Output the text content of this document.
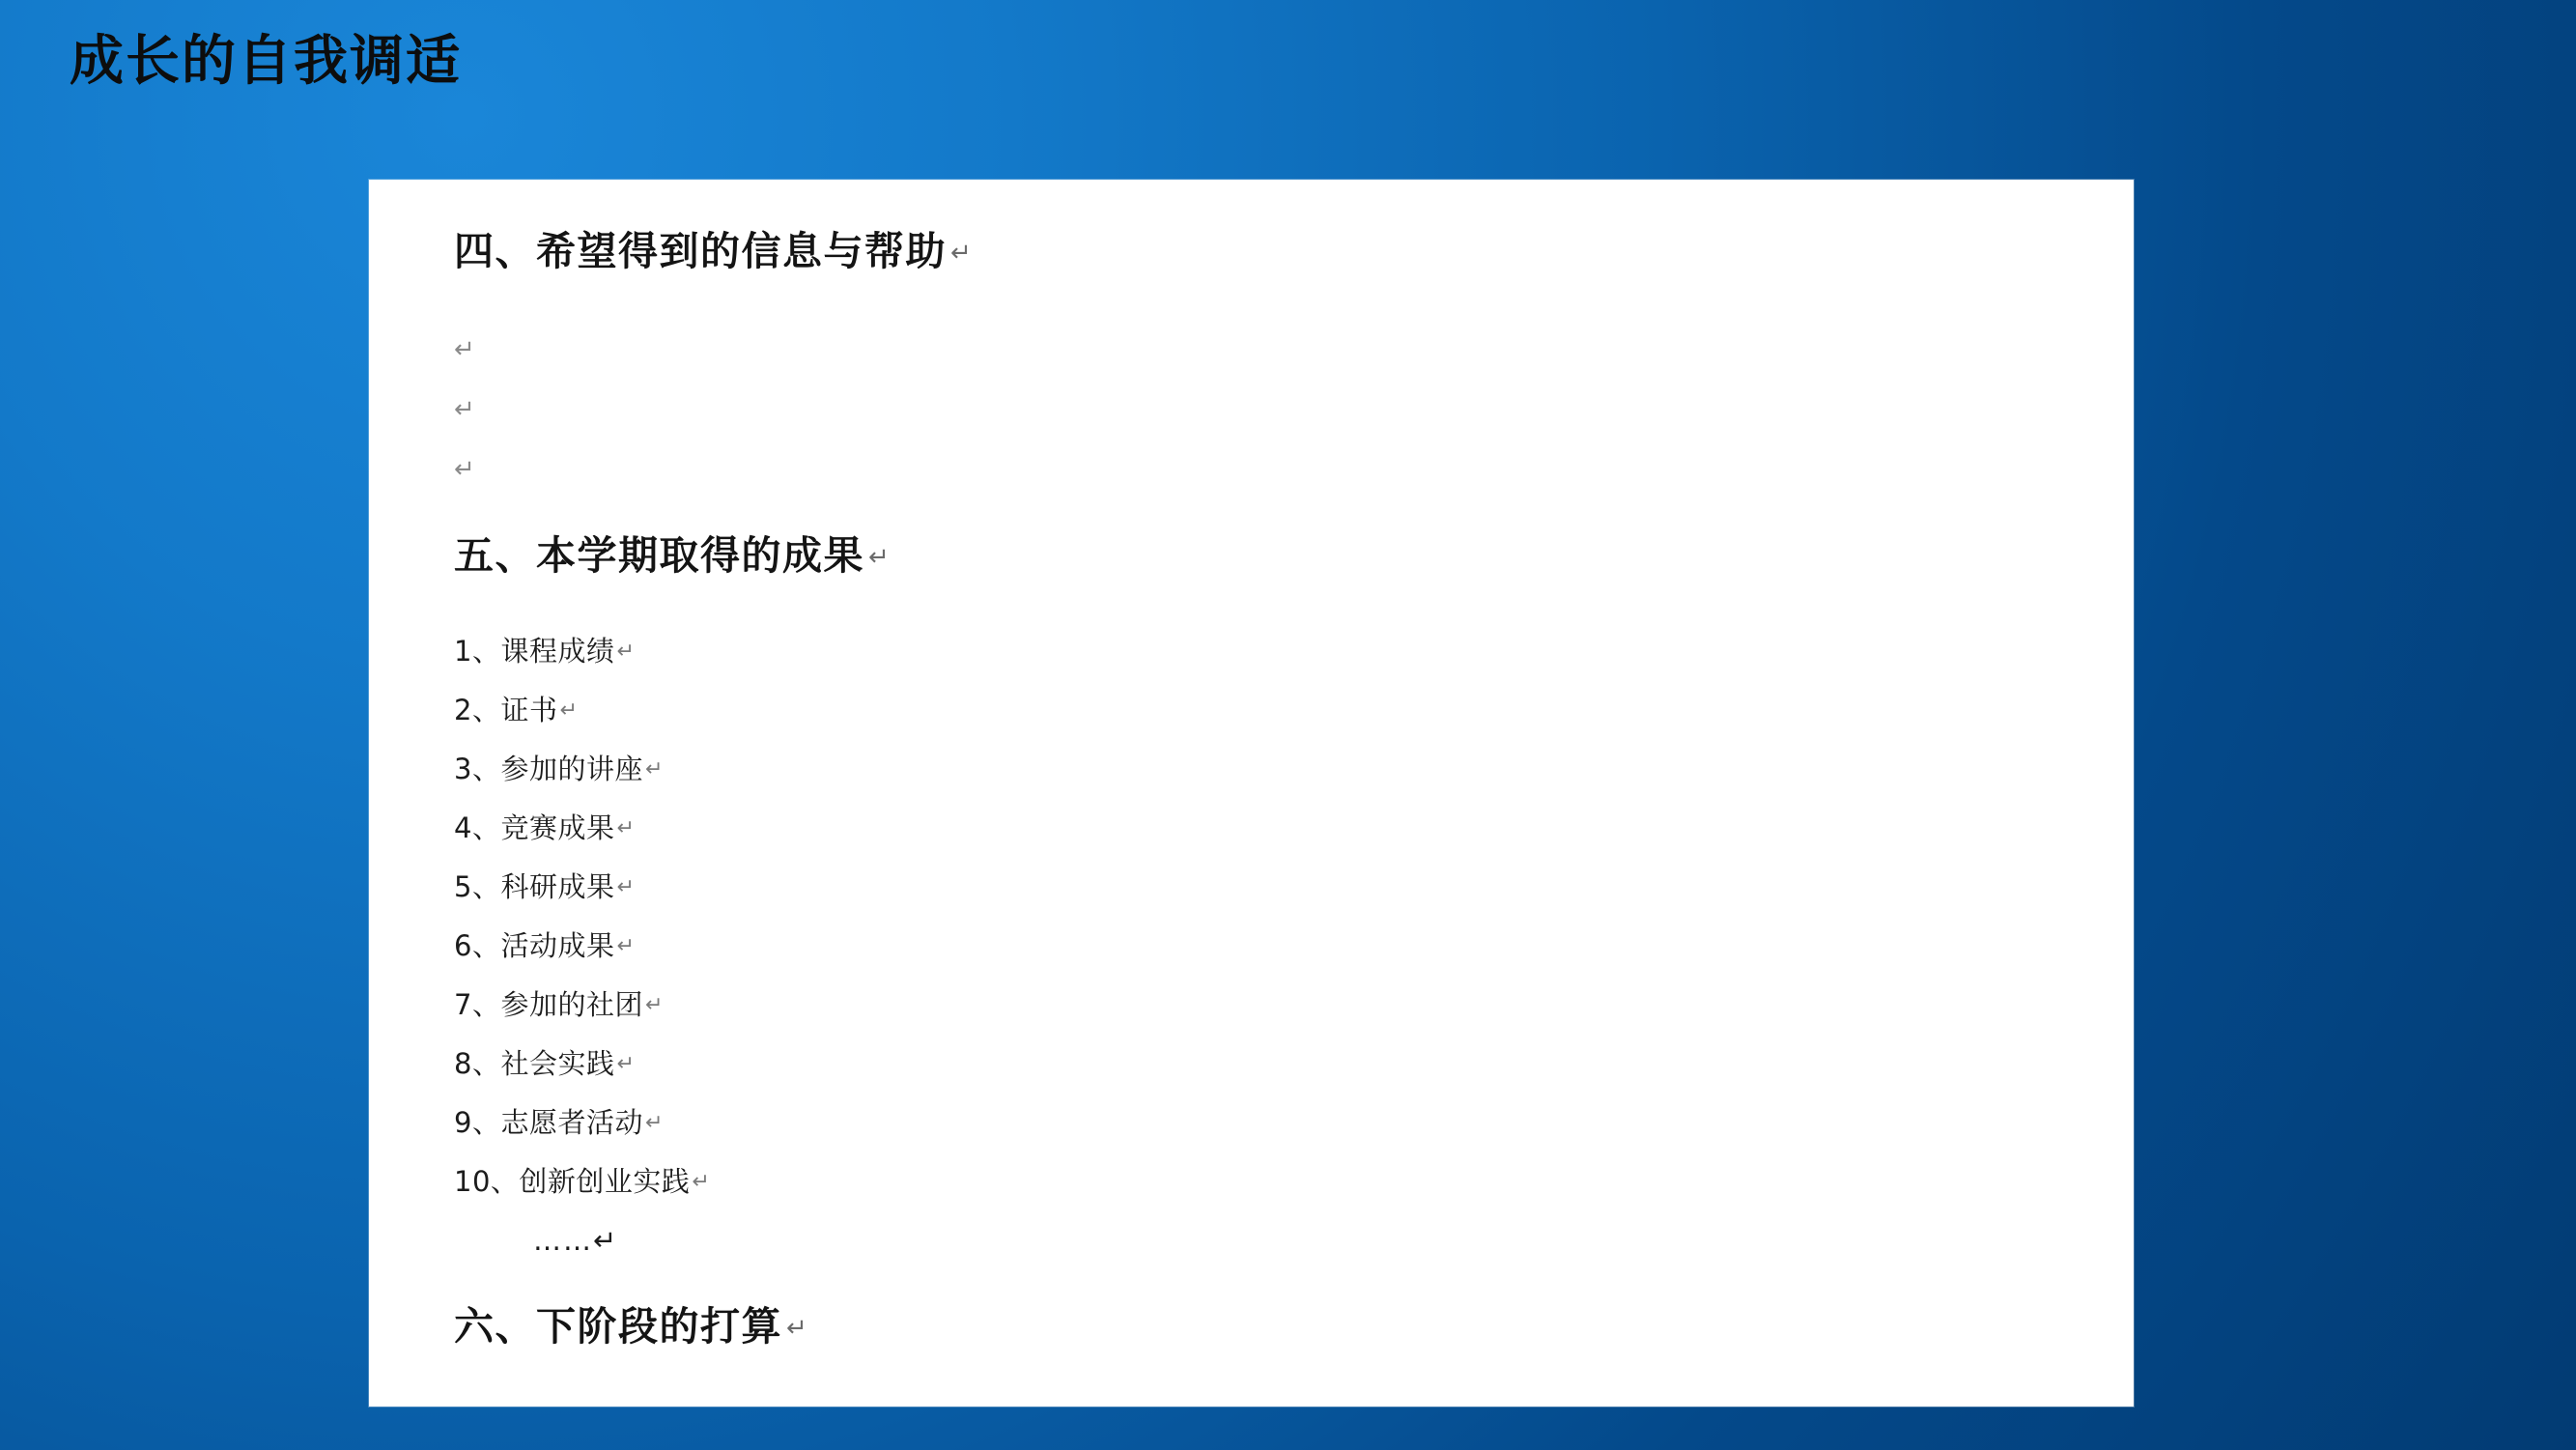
成长的自我调适
四、希望得到的信息与帮助 ↵
↵
↵
↵
五、本学期取得的成果 ↵
1、课程成绩↵
2、证书↵
3、参加的讲座↵
4、竞赛成果↵
5、科研成果↵
6、活动成果↵
7、参加的社团↵
8、社会实践↵
9、志愿者活动↵
10、创新创业实践↵
……↵
六、下阶段的打算 ↵
